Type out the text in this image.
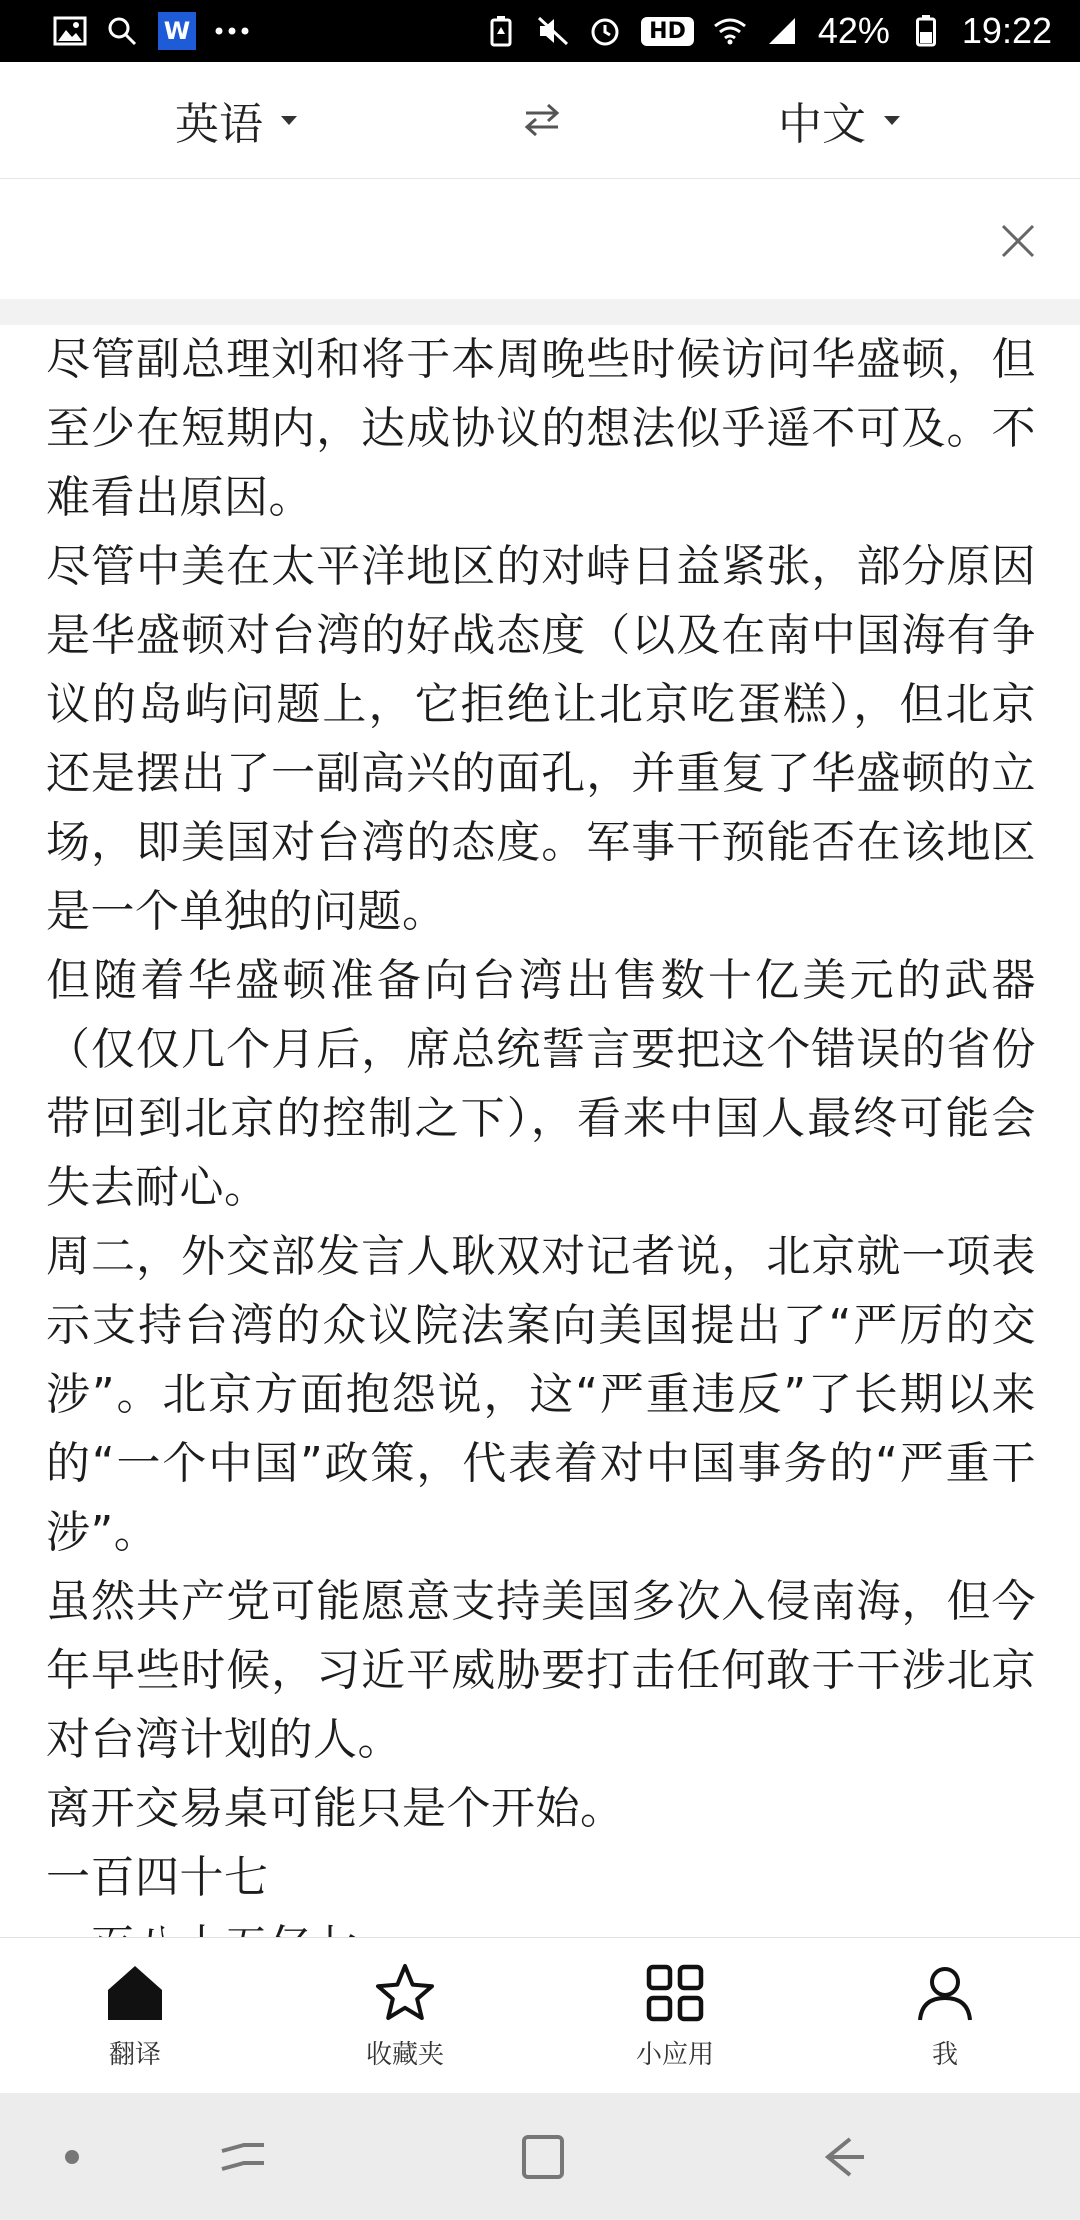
W	HD	42% 19:22
英语	中文

尽管副总理刘和将于本周晚些时候访问华盛顿，但至少在短期内，达成协议的想法似乎遥不可及。不难看出原因。

尽管中美在太平洋地区的对峙日益紧张，部分原因是华盛顿对台湾的好战态度（以及在南中国海有争议的岛屿问题上，它拒绝让北京吃蛋糕），但北京还是摆出了一副高兴的面孔，并重复了华盛顿的立场，即美国对台湾的态度。军事干预能否在该地区是一个单独的问题。

但随着华盛顿准备向台湾出售数十亿美元的武器（仅仅几个月后，席总统誓言要把这个错误的省份带回到北京的控制之下），看来中国人最终可能会失去耐心。

周二，外交部发言人耿双对记者说，北京就一项表示支持台湾的众议院法案向美国提出了“严厉的交涉”。北京方面抱怨说，这“严重违反”了长期以来的“一个中国”政策，代表着对中国事务的“严重干涉”。

虽然共产党可能愿意支持美国多次入侵南海，但今年早些时候，习近平威胁要打击任何敢于干涉北京对台湾计划的人。

离开交易桌可能只是个开始。

一百四十七

翻译	收藏夹	小应用	我
